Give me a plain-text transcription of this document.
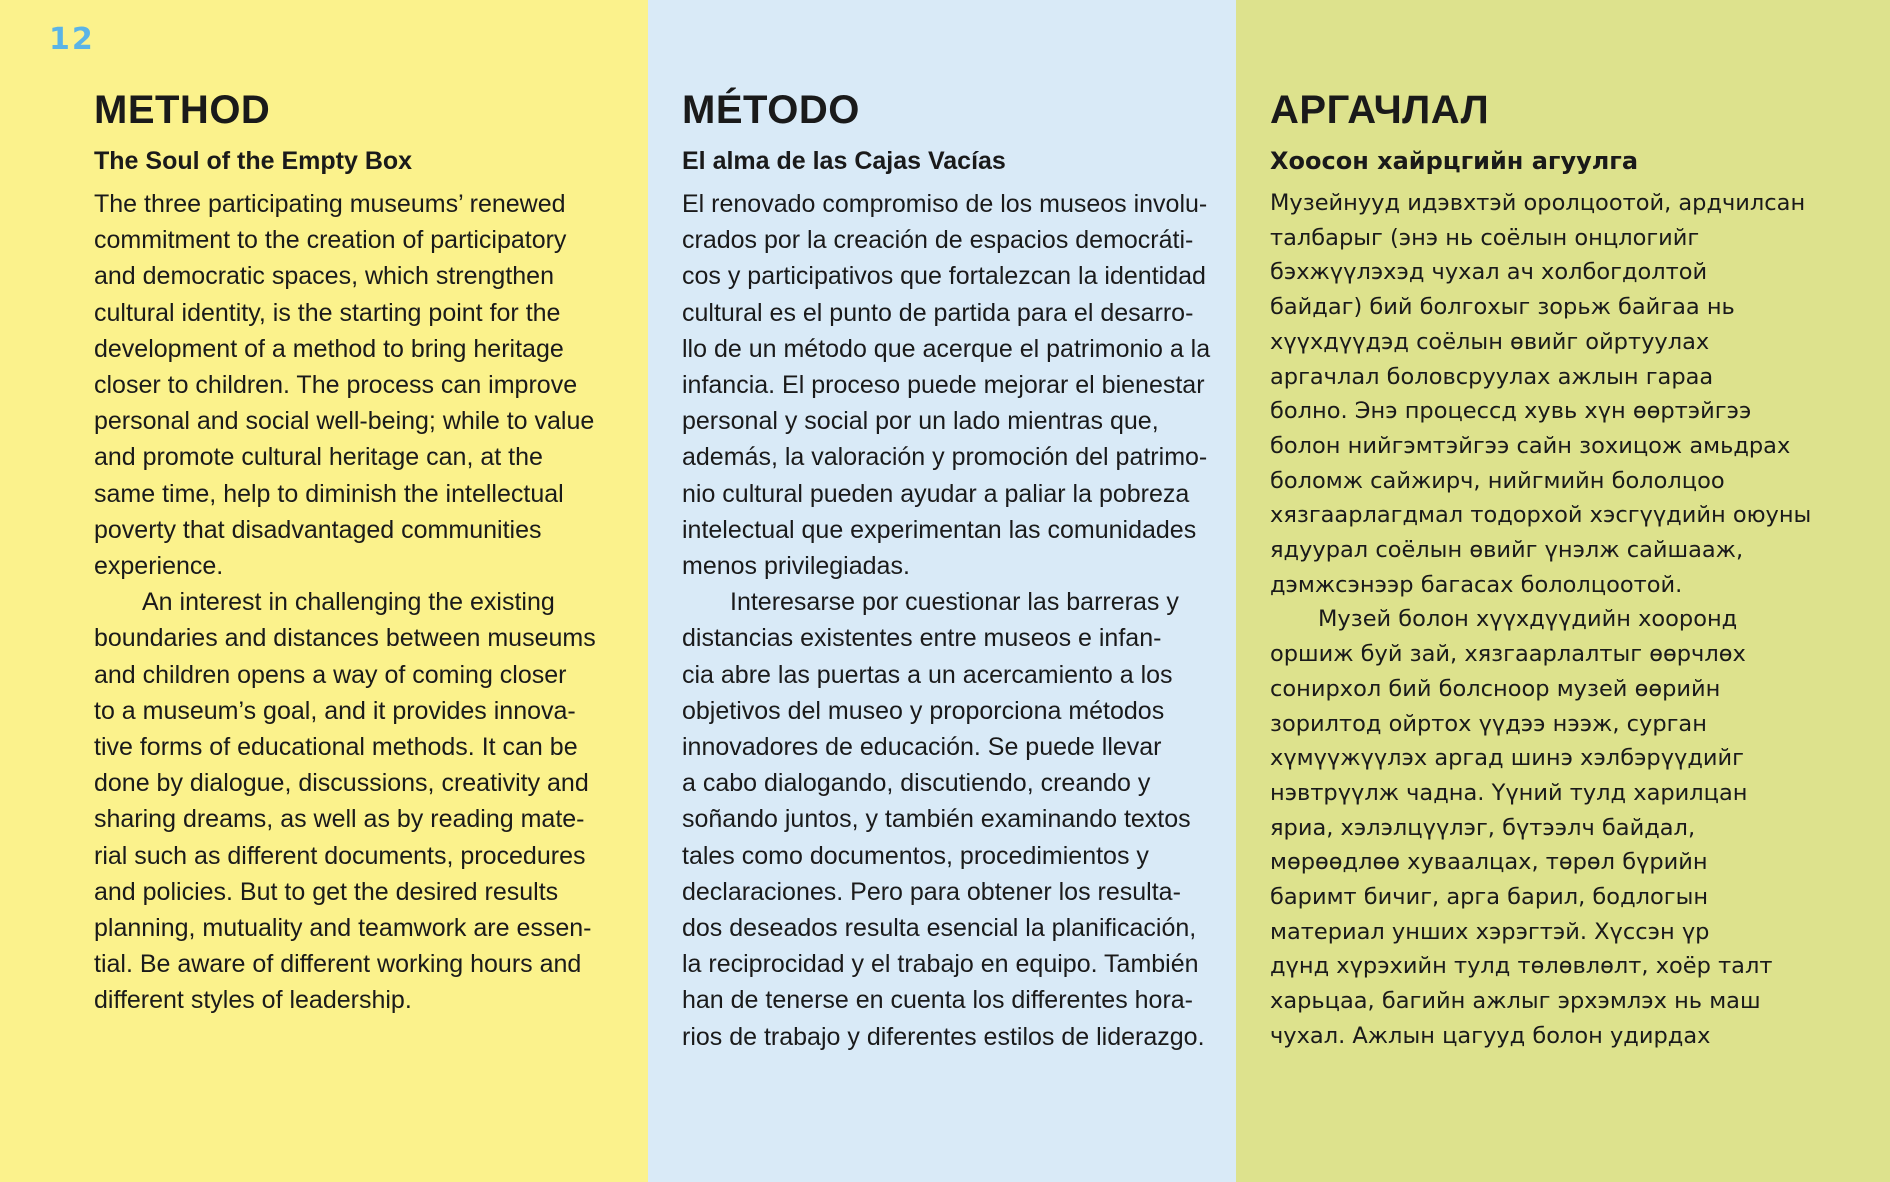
12
METHOD
The Soul of the Empty Box
The three participating museums’ renewed
commitment to the creation of participatory
and democratic spaces, which strengthen
cultural identity, is the starting point for the
development of a method to bring heritage
closer to children. The process can improve
personal and social well-being; while to value
and promote cultural heritage can, at the
same time, help to diminish the intellectual
poverty that disadvantaged communities
experience.
An interest in challenging the existing
boundaries and distances between museums
and children opens a way of coming closer
to a museum’s goal, and it provides innova-
tive forms of educational methods. It can be
done by dialogue, discussions, creativity and
sharing dreams, as well as by reading mate-
rial such as different documents, procedures
and policies. But to get the desired results
planning, mutuality and teamwork are essen-
tial. Be aware of different working hours and
different styles of leadership.
MÉTODO
El alma de las Cajas Vacías
El renovado compromiso de los museos involu-
crados por la creación de espacios democráti-
cos y participativos que fortalezcan la identidad
cultural es el punto de partida para el desarro-
llo de un método que acerque el patrimonio a la
infancia. El proceso puede mejorar el bienestar
personal y social por un lado mientras que,
además, la valoración y promoción del patrimo-
nio cultural pueden ayudar a paliar la pobreza
intelectual que experimentan las comunidades
menos privilegiadas.
Interesarse por cuestionar las barreras y
distancias existentes entre museos e infan-
cia abre las puertas a un acercamiento a los
objetivos del museo y proporciona métodos
innovadores de educación. Se puede llevar
a cabo dialogando, discutiendo, creando y
soñando juntos, y también examinando textos
tales como documentos, procedimientos y
declaraciones. Pero para obtener los resulta-
dos deseados resulta esencial la planificación,
la reciprocidad y el trabajo en equipo. También
han de tenerse en cuenta los differentes hora-
rios de trabajo y diferentes estilos de liderazgo.
АРГАЧЛАЛ
Хоосон хайрцгийн агуулга
Музейнууд идэвхтэй оролцоотой, ардчилсан
талбарыг (энэ нь соёлын онцлогийг
бэхжүүлэхэд чухал ач холбогдолтой
байдаг) бий болгохыг зорьж байгаа нь
хүүхдүүдэд соёлын өвийг ойртуулах
аргачлал боловсруулах ажлын гараа
болно. Энэ процессд хувь хүн өөртэйгээ
болон нийгэмтэйгээ сайн зохицож амьдрах
боломж сайжирч, нийгмийн бололцоо
хязгаарлагдмал тодорхой хэсгүүдийн оюуны
ядуурал соёлын өвийг үнэлж сайшааж,
дэмжсэнээр багасах бололцоотой.
Музей болон хүүхдүүдийн хооронд
оршиж буй зай, хязгаарлалтыг өөрчлөх
сонирхол бий болсноор музей өөрийн
зорилтод ойртох үүдээ нээж, сурган
хүмүүжүүлэх аргад шинэ хэлбэрүүдийг
нэвтрүүлж чадна. Үүний тулд харилцан
яриа, хэлэлцүүлэг, бүтээлч байдал,
мөрөөдлөө хуваалцах, төрөл бүрийн
баримт бичиг, арга барил, бодлогын
материал унших хэрэгтэй. Хүссэн үр
дүнд хүрэхийн тулд төлөвлөлт, хоёр талт
харьцаа, багийн ажлыг эрхэмлэх нь маш
чухал. Ажлын цагууд болон удирдах
